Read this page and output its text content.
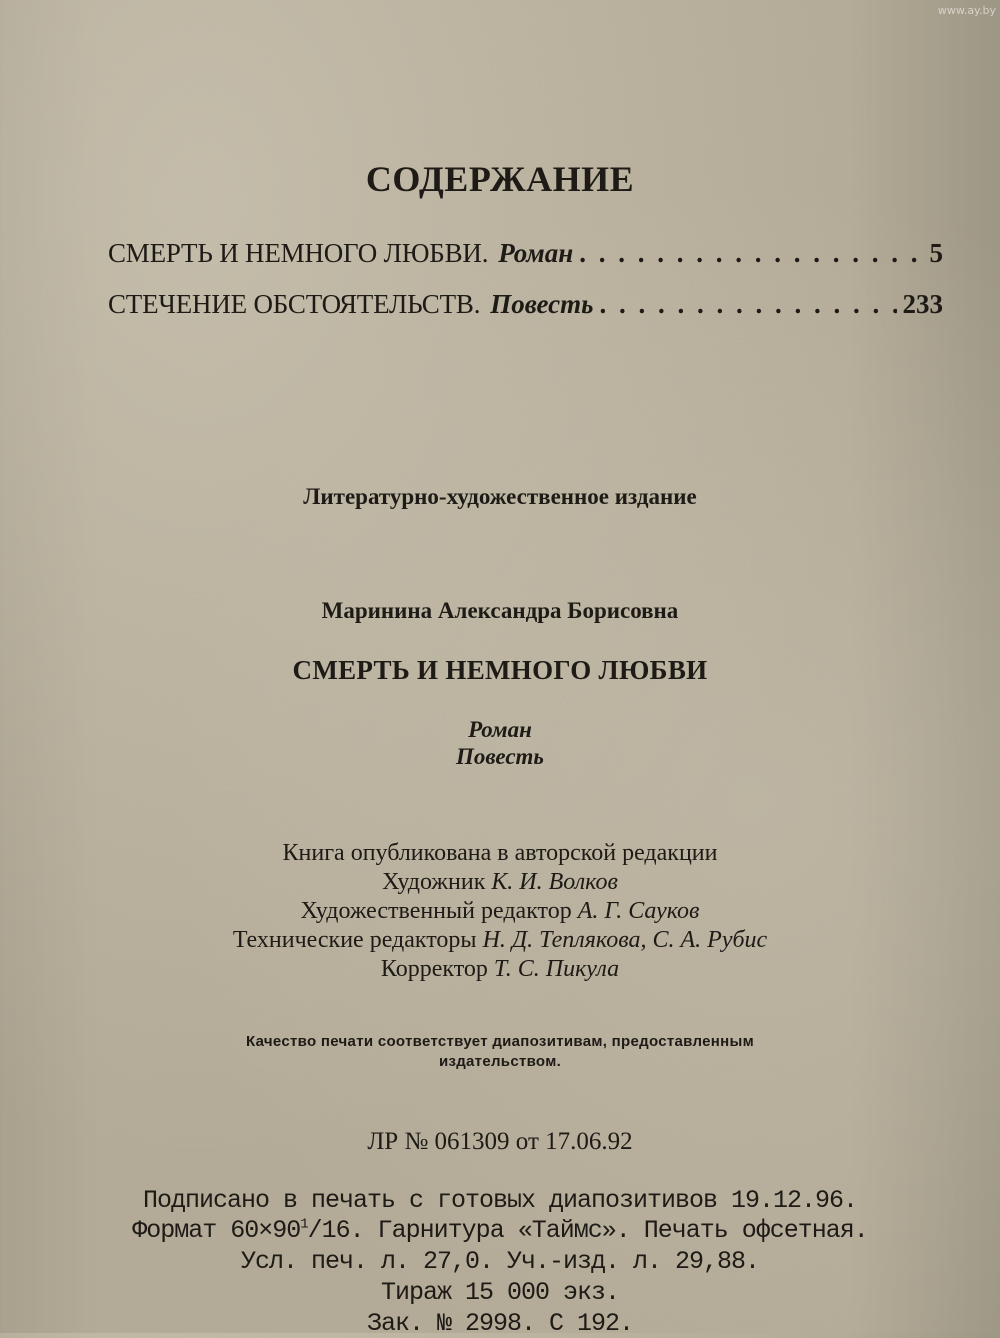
www.ay.by
СОДЕРЖАНИЕ
СМЕРТЬ И НЕМНОГО ЛЮБВИ. Роман . . .	5
СТЕЧЕНИЕ ОБСТОЯТЕЛЬСТВ. Повесть . . .	233
Литературно-художественное издание
Маринина Александра Борисовна
СМЕРТЬ И НЕМНОГО ЛЮБВИ
Роман
Повесть
Книга опубликована в авторской редакции
Художник К. И. Волков
Художественный редактор А. Г. Сауков
Технические редакторы Н. Д. Теплякова, С. А. Рубис
Корректор Т. С. Пикула
Качество печати соответствует диапозитивам, предоставленным
издательством.
ЛР № 061309 от 17.06.92
Подписано в печать с готовых диапозитивов 19.12.96.
Формат $60\times 90^1/16$. Гарнитура «Таймс». Печать офсетная.
Усл. печ. л. 27,0. Уч.-изд. л. 29,88.
Тираж 15 000 экз.
Зак. № 2998. С 192.
